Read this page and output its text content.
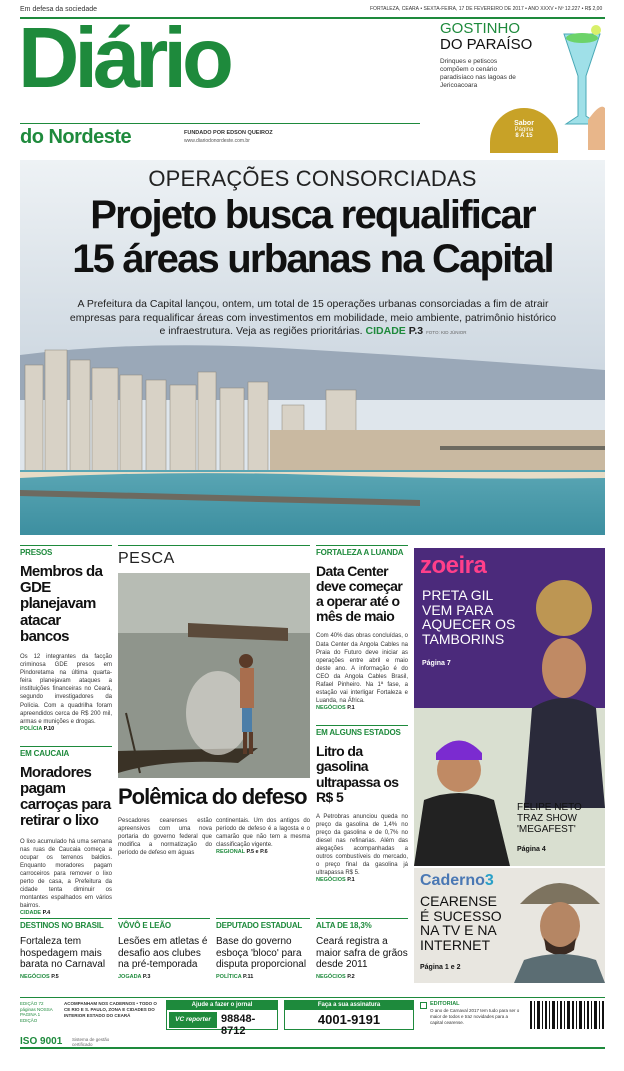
Em defesa da sociedade	FORTALEZA, CEARÁ • SEXTA-FEIRA, 17 DE FEVEREIRO DE 2017 • ANO XXXV • Nº 12.227 • R$ 2,00
Diário
do Nordeste	FUNDADO POR EDSON QUEIROZ
www.diariodonordeste.com.br
GOSTINHO
DO PARAÍSO
Drinques e petiscos compõem o cenário paradisíaco nas lagoas de Jericoacoara
Sabor
Página
8 A 15
OPERAÇÕES CONSORCIADAS
Projeto busca requalificar
15 áreas urbanas na Capital
A Prefeitura da Capital lançou, ontem, um total de 15 operações urbanas consorciadas a fim de atrair empresas para requalificar áreas com investimentos em mobilidade, meio ambiente, patrimônio histórico e infraestrutura. Veja as regiões prioritárias. CIDADE P.3 FOTO: KID JÚNIOR
PRESOS
Membros da GDE planejavam atacar bancos
Os 12 integrantes da facção criminosa GDE presos em Pindoretama na última quarta-feira planejavam ataques a instituições financeiras no Ceará, segundo investigadores da Polícia. Com a quadrilha foram apreendidos cerca de R$ 200 mil, armas e munições e drogas.
POLÍCIA P.10
EM CAUCAIA
Moradores pagam carroças para retirar o lixo
O lixo acumulado há uma semana nas ruas de Caucaia começa a ocupar os terrenos baldios. Enquanto moradores pagam carroceiros para remover o lixo perto de casa, a Prefeitura da cidade tenta diminuir os montantes espalhados em vários bairros.
CIDADE P.4
PESCA
Polêmica do defeso
Pescadores cearenses estão apreensivos com uma nova portaria do governo federal que modifica a normatização do período de defeso em águas
continentais. Um dos antigos do período de defeso é a lagosta e o camarão que não tem a mesma classificação vigente.
REGIONAL P.5 e P.6
FORTALEZA A LUANDA
Data Center deve começar a operar até o mês de maio
Com 40% das obras concluídas, o Data Center da Angola Cables na Praia do Futuro deve iniciar as operações entre abril e maio deste ano. A informação é do CEO da Angola Cables Brasil, Rafael Pinheiro. Na 1ª fase, a estação vai interligar Fortaleza e Luanda, na África.
NEGÓCIOS P.1
EM ALGUNS ESTADOS
Litro da gasolina ultrapassa os R$ 5
A Petrobras anunciou queda no preço da gasolina de 1,4% no preço da gasolina e de 0,7% no diesel nas refinarias. Além das alegações acompanhadas a outros combustíveis do mercado, o preço final da gasolina já ultrapassa R$ 5.
NEGÓCIOS P.1
zoeira
PRETA GIL
VEM PARA
AQUECER OS
TAMBORINS
Página 7
FELIPE NETO
TRAZ SHOW
'MEGAFEST'
Página 4
Caderno3
CEARENSE
É SUCESSO
NA TV E NA
INTERNET
Página 1 e 2
DESTINOS NO BRASIL
Fortaleza tem hospedagem mais barata no Carnaval
NEGÓCIOS P.5
VÔVÔ E LEÃO
Lesões em atletas é desafio aos clubes na pré-temporada
JOGADA P.3
DEPUTADO ESTADUAL
Base do governo esboça 'bloco' para disputa proporcional
POLÍTICA P.11
ALTA DE 18,3%
Ceará registra a maior safra de grãos desde 2011
NEGÓCIOS P.2
EDIÇÃO 72 páginas NOSSA PAGINA 1 EDIÇÃO
ACOMPANHAM NOS CADERNOS • TODO O CE RIO E S. PAULO, ZONA E CIDADES DO INTERIOR ESTADO DO CEARÁ
Ajude a fazer o jornal
VC reporter 98848-8712
Faça a sua assinatura
4001-9191
EDITORIAL
O ano de Carnaval 2017 tem tudo para ser o maior de todos e traz novidades para a capital cearense.
ISO 9001 Sistema de gestão certificado
